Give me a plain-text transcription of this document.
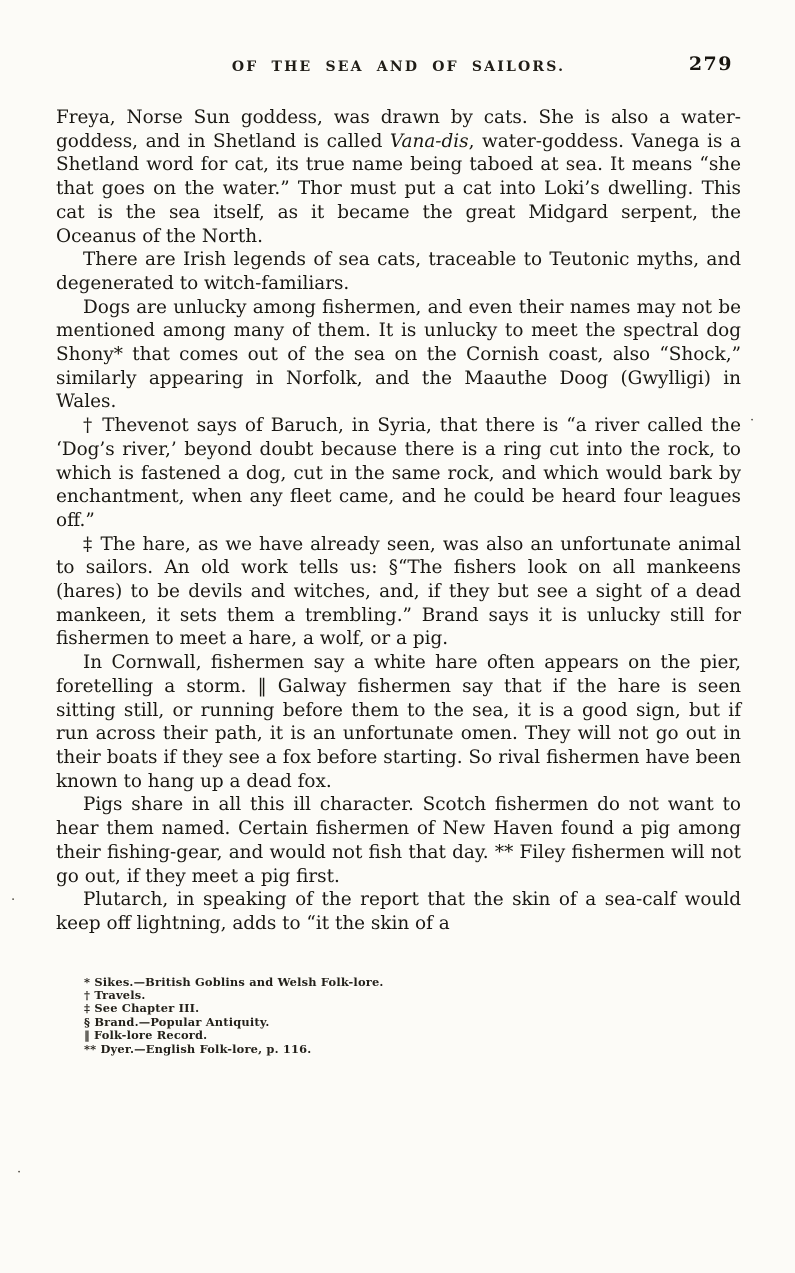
OF THE SEA AND OF SAILORS.	279

Freya, Norse Sun goddess, was drawn by cats. She is also a water-goddess, and in Shetland is called Vana-dis, water-goddess. Vanega is a Shetland word for cat, its true name being taboed at sea. It means “she that goes on the water.” Thor must put a cat into Loki’s dwelling. This cat is the sea itself, as it became the great Midgard serpent, the Oceanus of the North.

There are Irish legends of sea cats, traceable to Teutonic myths, and degenerated to witch-familiars.

Dogs are unlucky among fishermen, and even their names may not be mentioned among many of them. It is unlucky to meet the spectral dog Shony* that comes out of the sea on the Cornish coast, also “Shock,” similarly appearing in Norfolk, and the Maauthe Doog (Gwylligi) in Wales.

† Thevenot says of Baruch, in Syria, that there is “a river called the ‘Dog’s river,’ beyond doubt because there is a ring cut into the rock, to which is fastened a dog, cut in the same rock, and which would bark by enchantment, when any fleet came, and he could be heard four leagues off.”

‡ The hare, as we have already seen, was also an unfortunate animal to sailors. An old work tells us: §“The fishers look on all mankeens (hares) to be devils and witches, and, if they but see a sight of a dead mankeen, it sets them a trembling.” Brand says it is unlucky still for fishermen to meet a hare, a wolf, or a pig.

In Cornwall, fishermen say a white hare often appears on the pier, foretelling a storm. ‖ Galway fishermen say that if the hare is seen sitting still, or running before them to the sea, it is a good sign, but if run across their path, it is an unfortunate omen. They will not go out in their boats if they see a fox before starting. So rival fishermen have been known to hang up a dead fox.

Pigs share in all this ill character. Scotch fishermen do not want to hear them named. Certain fishermen of New Haven found a pig among their fishing-gear, and would not fish that day. ** Filey fishermen will not go out, if they meet a pig first.

Plutarch, in speaking of the report that the skin of a sea-calf would keep off lightning, adds to “it the skin of a

* Sikes.—British Goblins and Welsh Folk-lore.
† Travels.
‡ See Chapter III.
§ Brand.—Popular Antiquity.
‖ Folk-lore Record.
** Dyer.—English Folk-lore, p. 116.
·
.
·
